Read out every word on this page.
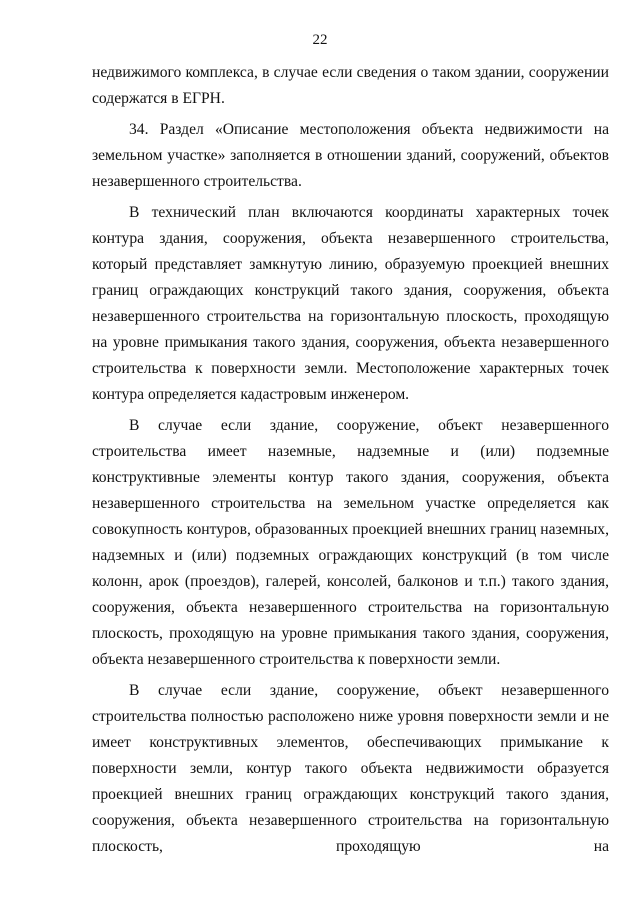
22

недвижимого комплекса, в случае если сведения о таком здании, сооружении содержатся в ЕГРН.

34. Раздел «Описание местоположения объекта недвижимости на земельном участке» заполняется в отношении зданий, сооружений, объектов незавершенного строительства.

В технический план включаются координаты характерных точек контура здания, сооружения, объекта незавершенного строительства, который представляет замкнутую линию, образуемую проекцией внешних границ ограждающих конструкций такого здания, сооружения, объекта незавершенного строительства на горизонтальную плоскость, проходящую на уровне примыкания такого здания, сооружения, объекта незавершенного строительства к поверхности земли. Местоположение характерных точек контура определяется кадастровым инженером.

В случае если здание, сооружение, объект незавершенного строительства имеет наземные, надземные и (или) подземные конструктивные элементы контур такого здания, сооружения, объекта незавершенного строительства на земельном участке определяется как совокупность контуров, образованных проекцией внешних границ наземных, надземных и (или) подземных ограждающих конструкций (в том числе колонн, арок (проездов), галерей, консолей, балконов и т.п.) такого здания, сооружения, объекта незавершенного строительства на горизонтальную плоскость, проходящую на уровне примыкания такого здания, сооружения, объекта незавершенного строительства к поверхности земли.

В случае если здание, сооружение, объект незавершенного строительства полностью расположено ниже уровня поверхности земли и не имеет конструктивных элементов, обеспечивающих примыкание к поверхности земли, контур такого объекта недвижимости образуется проекцией внешних границ ограждающих конструкций такого здания, сооружения, объекта незавершенного строительства на горизонтальную плоскость, проходящую на
